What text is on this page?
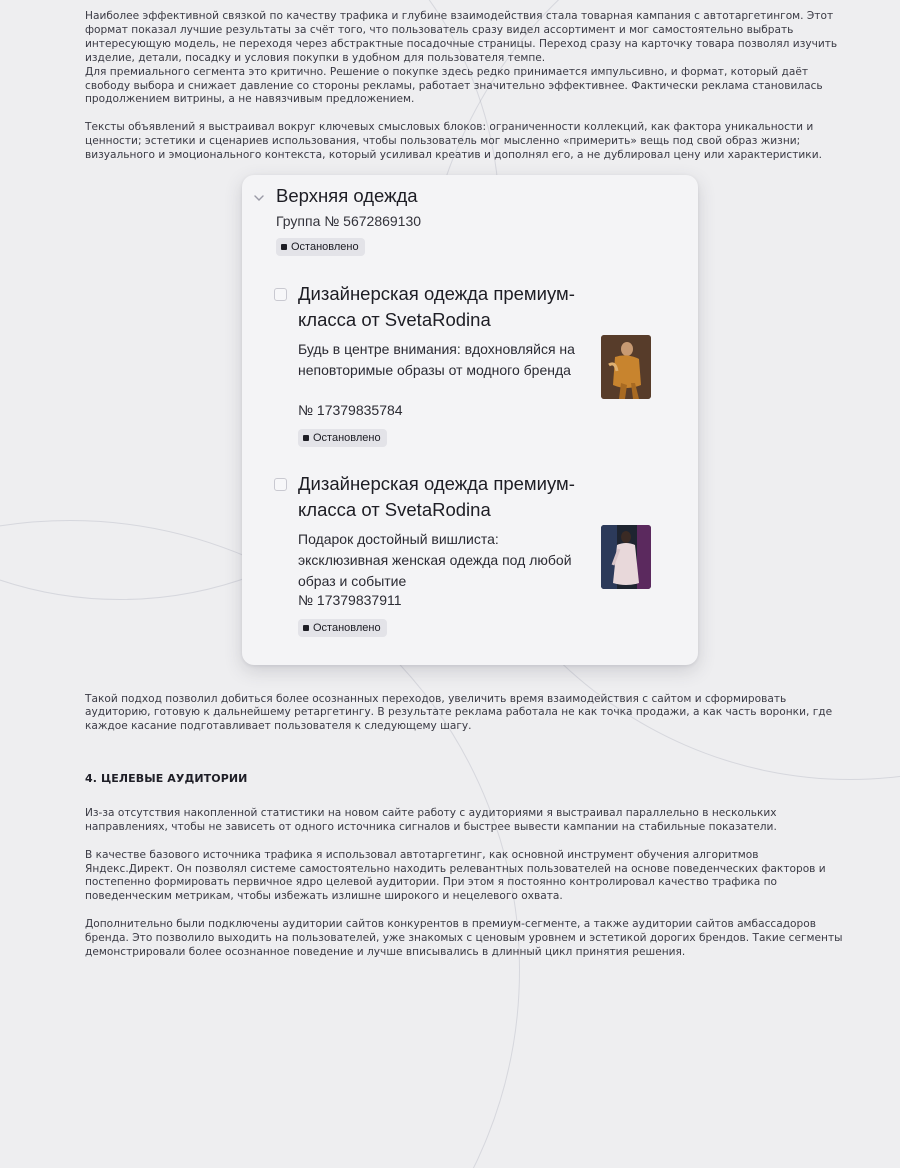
Наиболее эффективной связкой по качеству трафика и глубине взаимодействия стала товарная кампания с автотаргетингом. Этот формат показал лучшие результаты за счёт того, что пользователь сразу видел ассортимент и мог самостоятельно выбрать интересующую модель, не переходя через абстрактные посадочные страницы. Переход сразу на карточку товара позволял изучить изделие, детали, посадку и условия покупки в удобном для пользователя темпе.

Для премиального сегмента это критично. Решение о покупке здесь редко принимается импульсивно, и формат, который даёт свободу выбора и снижает давление со стороны рекламы, работает значительно эффективнее. Фактически реклама становилась продолжением витрины, а не навязчивым предложением.

Тексты объявлений я выстраивал вокруг ключевых смысловых блоков: ограниченности коллекций, как фактора уникальности и ценности; эстетики и сценариев использования, чтобы пользователь мог мысленно «примерить» вещь под свой образ жизни; визуального и эмоционального контекста, который усиливал креатив и дополнял его, а не дублировал цену или характеристики.

Верхняя одежда
Группа № 5672869130
Остановлено
Дизайнерская одежда премиум-класса от SvetaRodina
Будь в центре внимания: вдохновляйся на неповторимые образы от модного бренда
№ 17379835784
Остановлено
Дизайнерская одежда премиум-класса от SvetaRodina
Подарок достойный вишлиста: эксклюзивная женская одежда под любой образ и событие
№ 17379837911
Остановлено

Такой подход позволил добиться более осознанных переходов, увеличить время взаимодействия с сайтом и сформировать аудиторию, готовую к дальнейшему ретаргетингу. В результате реклама работала не как точка продажи, а как часть воронки, где каждое касание подготавливает пользователя к следующему шагу.

4. ЦЕЛЕВЫЕ АУДИТОРИИ

Из-за отсутствия накопленной статистики на новом сайте работу с аудиториями я выстраивал параллельно в нескольких направлениях, чтобы не зависеть от одного источника сигналов и быстрее вывести кампании на стабильные показатели.

В качестве базового источника трафика я использовал автотаргетинг, как основной инструмент обучения алгоритмов Яндекс.Директ. Он позволял системе самостоятельно находить релевантных пользователей на основе поведенческих факторов и постепенно формировать первичное ядро целевой аудитории. При этом я постоянно контролировал качество трафика по поведенческим метрикам, чтобы избежать излишне широкого и нецелевого охвата.

Дополнительно были подключены аудитории сайтов конкурентов в премиум-сегменте, а также аудитории сайтов амбассадоров бренда. Это позволило выходить на пользователей, уже знакомых с ценовым уровнем и эстетикой дорогих брендов. Такие сегменты демонстрировали более осознанное поведение и лучше вписывались в длинный цикл принятия решения.
